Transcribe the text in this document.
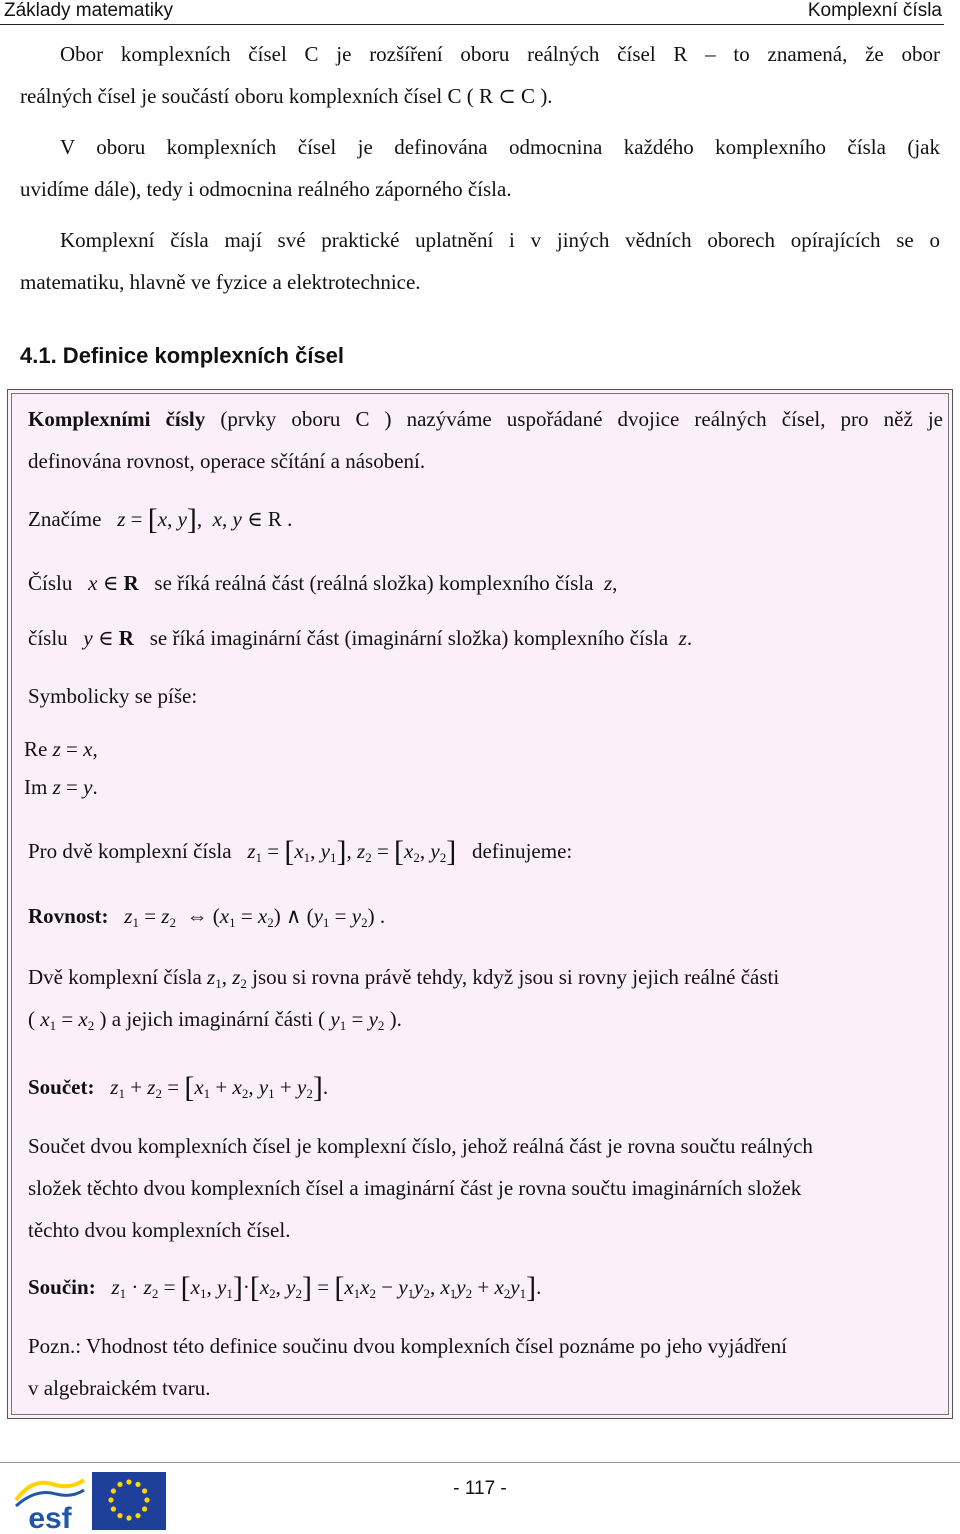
Základy matematiky	Komplexní čísla

Obor komplexních čísel C je rozšíření oboru reálných čísel R – to znamená, že obor
reálných čísel je součástí oboru komplexních čísel C ( R ⊂ C ).

V oboru komplexních čísel je definována odmocnina každého komplexního čísla (jak
uvidíme dále), tedy i odmocnina reálného záporného čísla.

Komplexní čísla mají své praktické uplatnění i v jiných vědních oborech opírajících se o
matematiku, hlavně ve fyzice a elektrotechnice.

4.1. Definice komplexních čísel

Komplexními čísly (prvky oboru C ) nazýváme uspořádané dvojice reálných čísel, pro něž je
definována rovnost, operace sčítání a násobení.

Značíme z = [x, y],  x, y ∈ R .

Číslu x ∈ R se říká reálná část (reálná složka) komplexního čísla  z,

číslu y ∈ R se říká imaginární část (imaginární složka) komplexního čísla  z.

Symbolicky se píše:

Re z = x,
Im z = y.

Pro dvě komplexní čísla $z_1 = [x_1$, $y_1$], $z_2 = [x_2$, $y_2$] definujeme:

Rovnost: $z_1 = z_2$  ⇔ $(x_1 = x_2)$ ∧ $(y_1 = y_2)$ .

Dvě komplexní čísla $z_1$, $z_2$ jsou si rovna právě tehdy, když jsou si rovny jejich reálné části
( $x_1 = x_2$ ) a jejich imaginární části ( $y_1 = y_2$ ).

Součet: $z_1 + z_2 = [x_1 + x_2$, $y_1 + y_2$].

Součet dvou komplexních čísel je komplexní číslo, jehož reálná část je rovna součtu reálných
složek těchto dvou komplexních čísel a imaginární část je rovna součtu imaginárních složek
těchto dvou komplexních čísel.

Součin: $z_1 \cdot z_2 = [x_1$, $y_1]\cdot[x_2$, $y_2] = [x_1x_2 - y_1y_2$, $x_1y_2 + x_2y_1$].

Pozn.: Vhodnost této definice součinu dvou komplexních čísel poznáme po jeho vyjádření
v algebraickém tvaru.

esf
- 117 -
